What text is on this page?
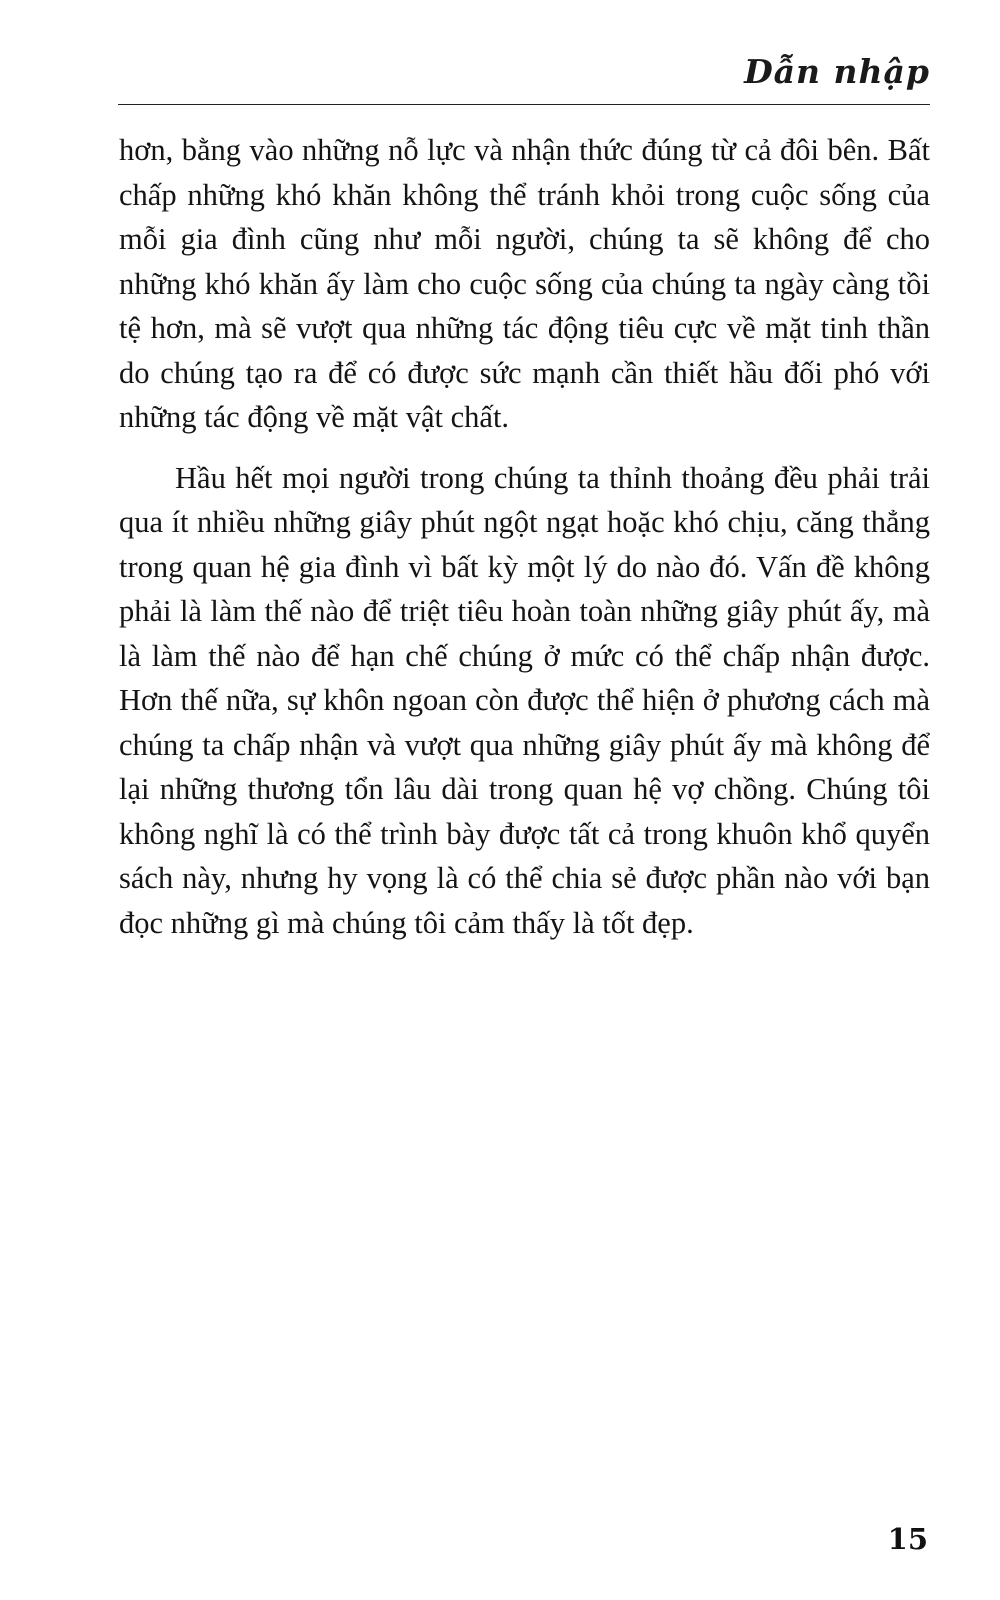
Dẫn nhập

hơn, bằng vào những nỗ lực và nhận thức đúng từ cả đôi bên. Bất chấp những khó khăn không thể tránh khỏi trong cuộc sống của mỗi gia đình cũng như mỗi người, chúng ta sẽ không để cho những khó khăn ấy làm cho cuộc sống của chúng ta ngày càng tồi tệ hơn, mà sẽ vượt qua những tác động tiêu cực về mặt tinh thần do chúng tạo ra để có được sức mạnh cần thiết hầu đối phó với những tác động về mặt vật chất.

Hầu hết mọi người trong chúng ta thỉnh thoảng đều phải trải qua ít nhiều những giây phút ngột ngạt hoặc khó chịu, căng thẳng trong quan hệ gia đình vì bất kỳ một lý do nào đó. Vấn đề không phải là làm thế nào để triệt tiêu hoàn toàn những giây phút ấy, mà là làm thế nào để hạn chế chúng ở mức có thể chấp nhận được. Hơn thế nữa, sự khôn ngoan còn được thể hiện ở phương cách mà chúng ta chấp nhận và vượt qua những giây phút ấy mà không để lại những thương tổn lâu dài trong quan hệ vợ chồng. Chúng tôi không nghĩ là có thể trình bày được tất cả trong khuôn khổ quyển sách này, nhưng hy vọng là có thể chia sẻ được phần nào với bạn đọc những gì mà chúng tôi cảm thấy là tốt đẹp.

15
